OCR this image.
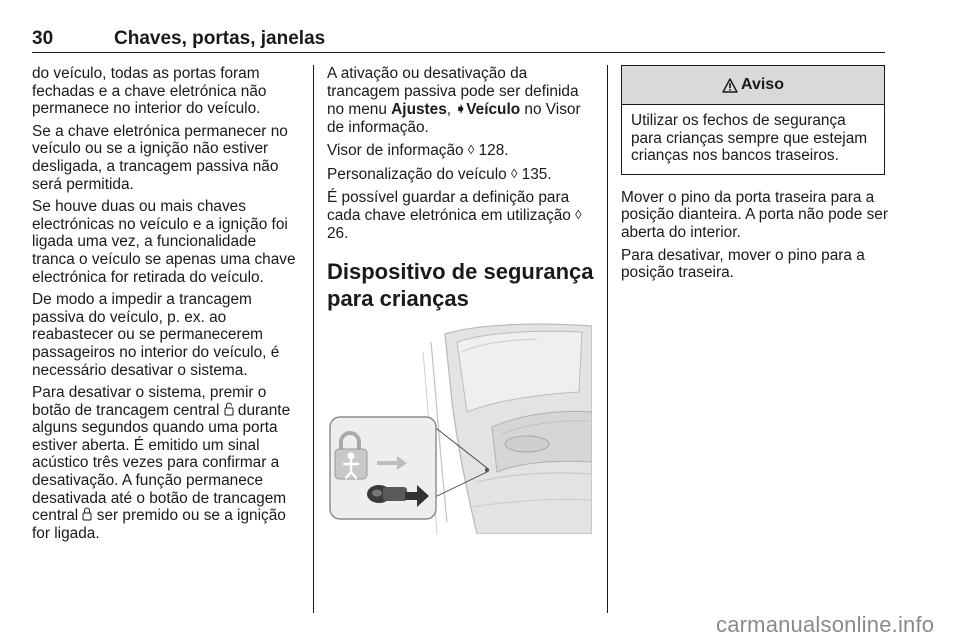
30	Chaves, portas, janelas

do veículo, todas as portas foram fechadas e a chave eletrónica não permanece no interior do veículo.

Se a chave eletrónica permanecer no veículo ou se a ignição não estiver desligada, a trancagem passiva não será permitida.

Se houve duas ou mais chaves electrónicas no veículo e a ignição foi ligada uma vez, a funcionalidade tranca o veículo se apenas uma chave electrónica for retirada do veículo.

De modo a impedir a trancagem passiva do veículo, p. ex. ao reabastecer ou se permanecerem passageiros no interior do veículo, é necessário desativar o sistema.

Para desativar o sistema, premir o botão de trancagem central  durante alguns segundos quando uma porta estiver aberta. É emitido um sinal acústico três vezes para confirmar a desativação. A função permanece desativada até o botão de trancagem central  ser premido ou se a ignição for ligada.

A ativação ou desativação da trancagem passiva pode ser definida no menu Ajustes, ➧Veículo no Visor de informação.

Visor de informação ◊ 128.

Personalização do veículo ◊ 135.

É possível guardar a definição para cada chave eletrónica em utilização ◊ 26.

Dispositivo de segurança para crianças
Aviso
Utilizar os fechos de segurança para crianças sempre que estejam crianças nos bancos traseiros.

Mover o pino da porta traseira para a posição dianteira. A porta não pode ser aberta do interior.

Para desativar, mover o pino para a posição traseira.

carmanualsonline.info
